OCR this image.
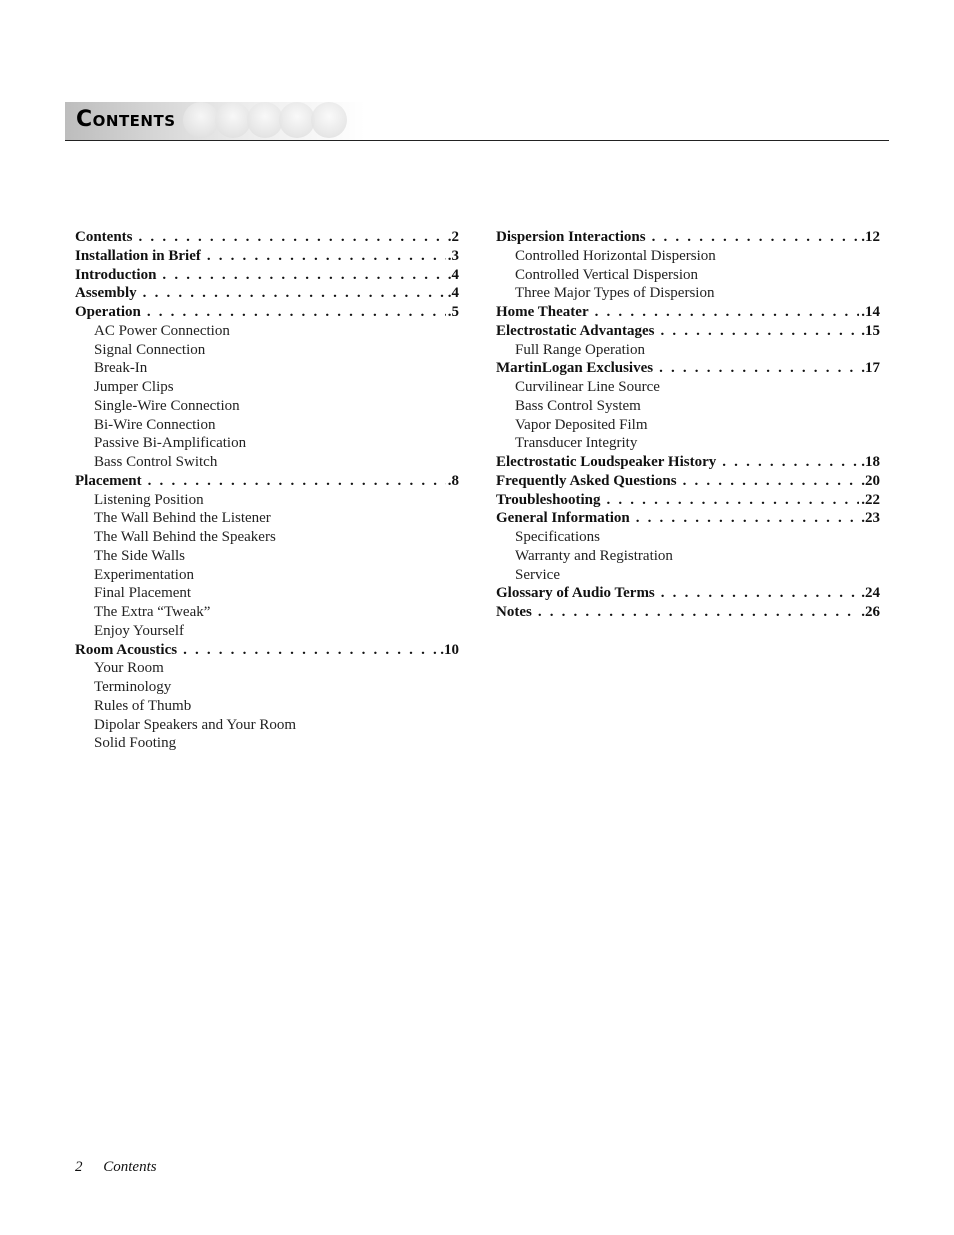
Contents
Contents . . .	.2
Installation in Brief . . .	.3
Introduction . . .	.4
Assembly . . .	.4
Operation . . .	.5
AC Power Connection
Signal Connection
Break-In
Jumper Clips
Single-Wire Connection
Bi-Wire Connection
Passive Bi-Amplification
Bass Control Switch
Placement . . .	.8
Listening Position
The Wall Behind the Listener
The Wall Behind the Speakers
The Side Walls
Experimentation
Final Placement
The Extra “Tweak”
Enjoy Yourself
Room Acoustics . . .	.10
Your Room
Terminology
Rules of Thumb
Dipolar Speakers and Your Room
Solid Footing
Dispersion Interactions . . .	.12
Controlled Horizontal Dispersion
Controlled Vertical Dispersion
Three Major Types of Dispersion
Home Theater . . .	.14
Electrostatic Advantages . . .	.15
Full Range Operation
MartinLogan Exclusives . . .	.17
Curvilinear Line Source
Bass Control System
Vapor Deposited Film
Transducer Integrity
Electrostatic Loudspeaker History . . .	.18
Frequently Asked Questions . . .	.20
Troubleshooting . . .	.22
General Information . . .	.23
Specifications
Warranty and Registration
Service
Glossary of Audio Terms . . .	.24
Notes . . .	.26
2 Contents
